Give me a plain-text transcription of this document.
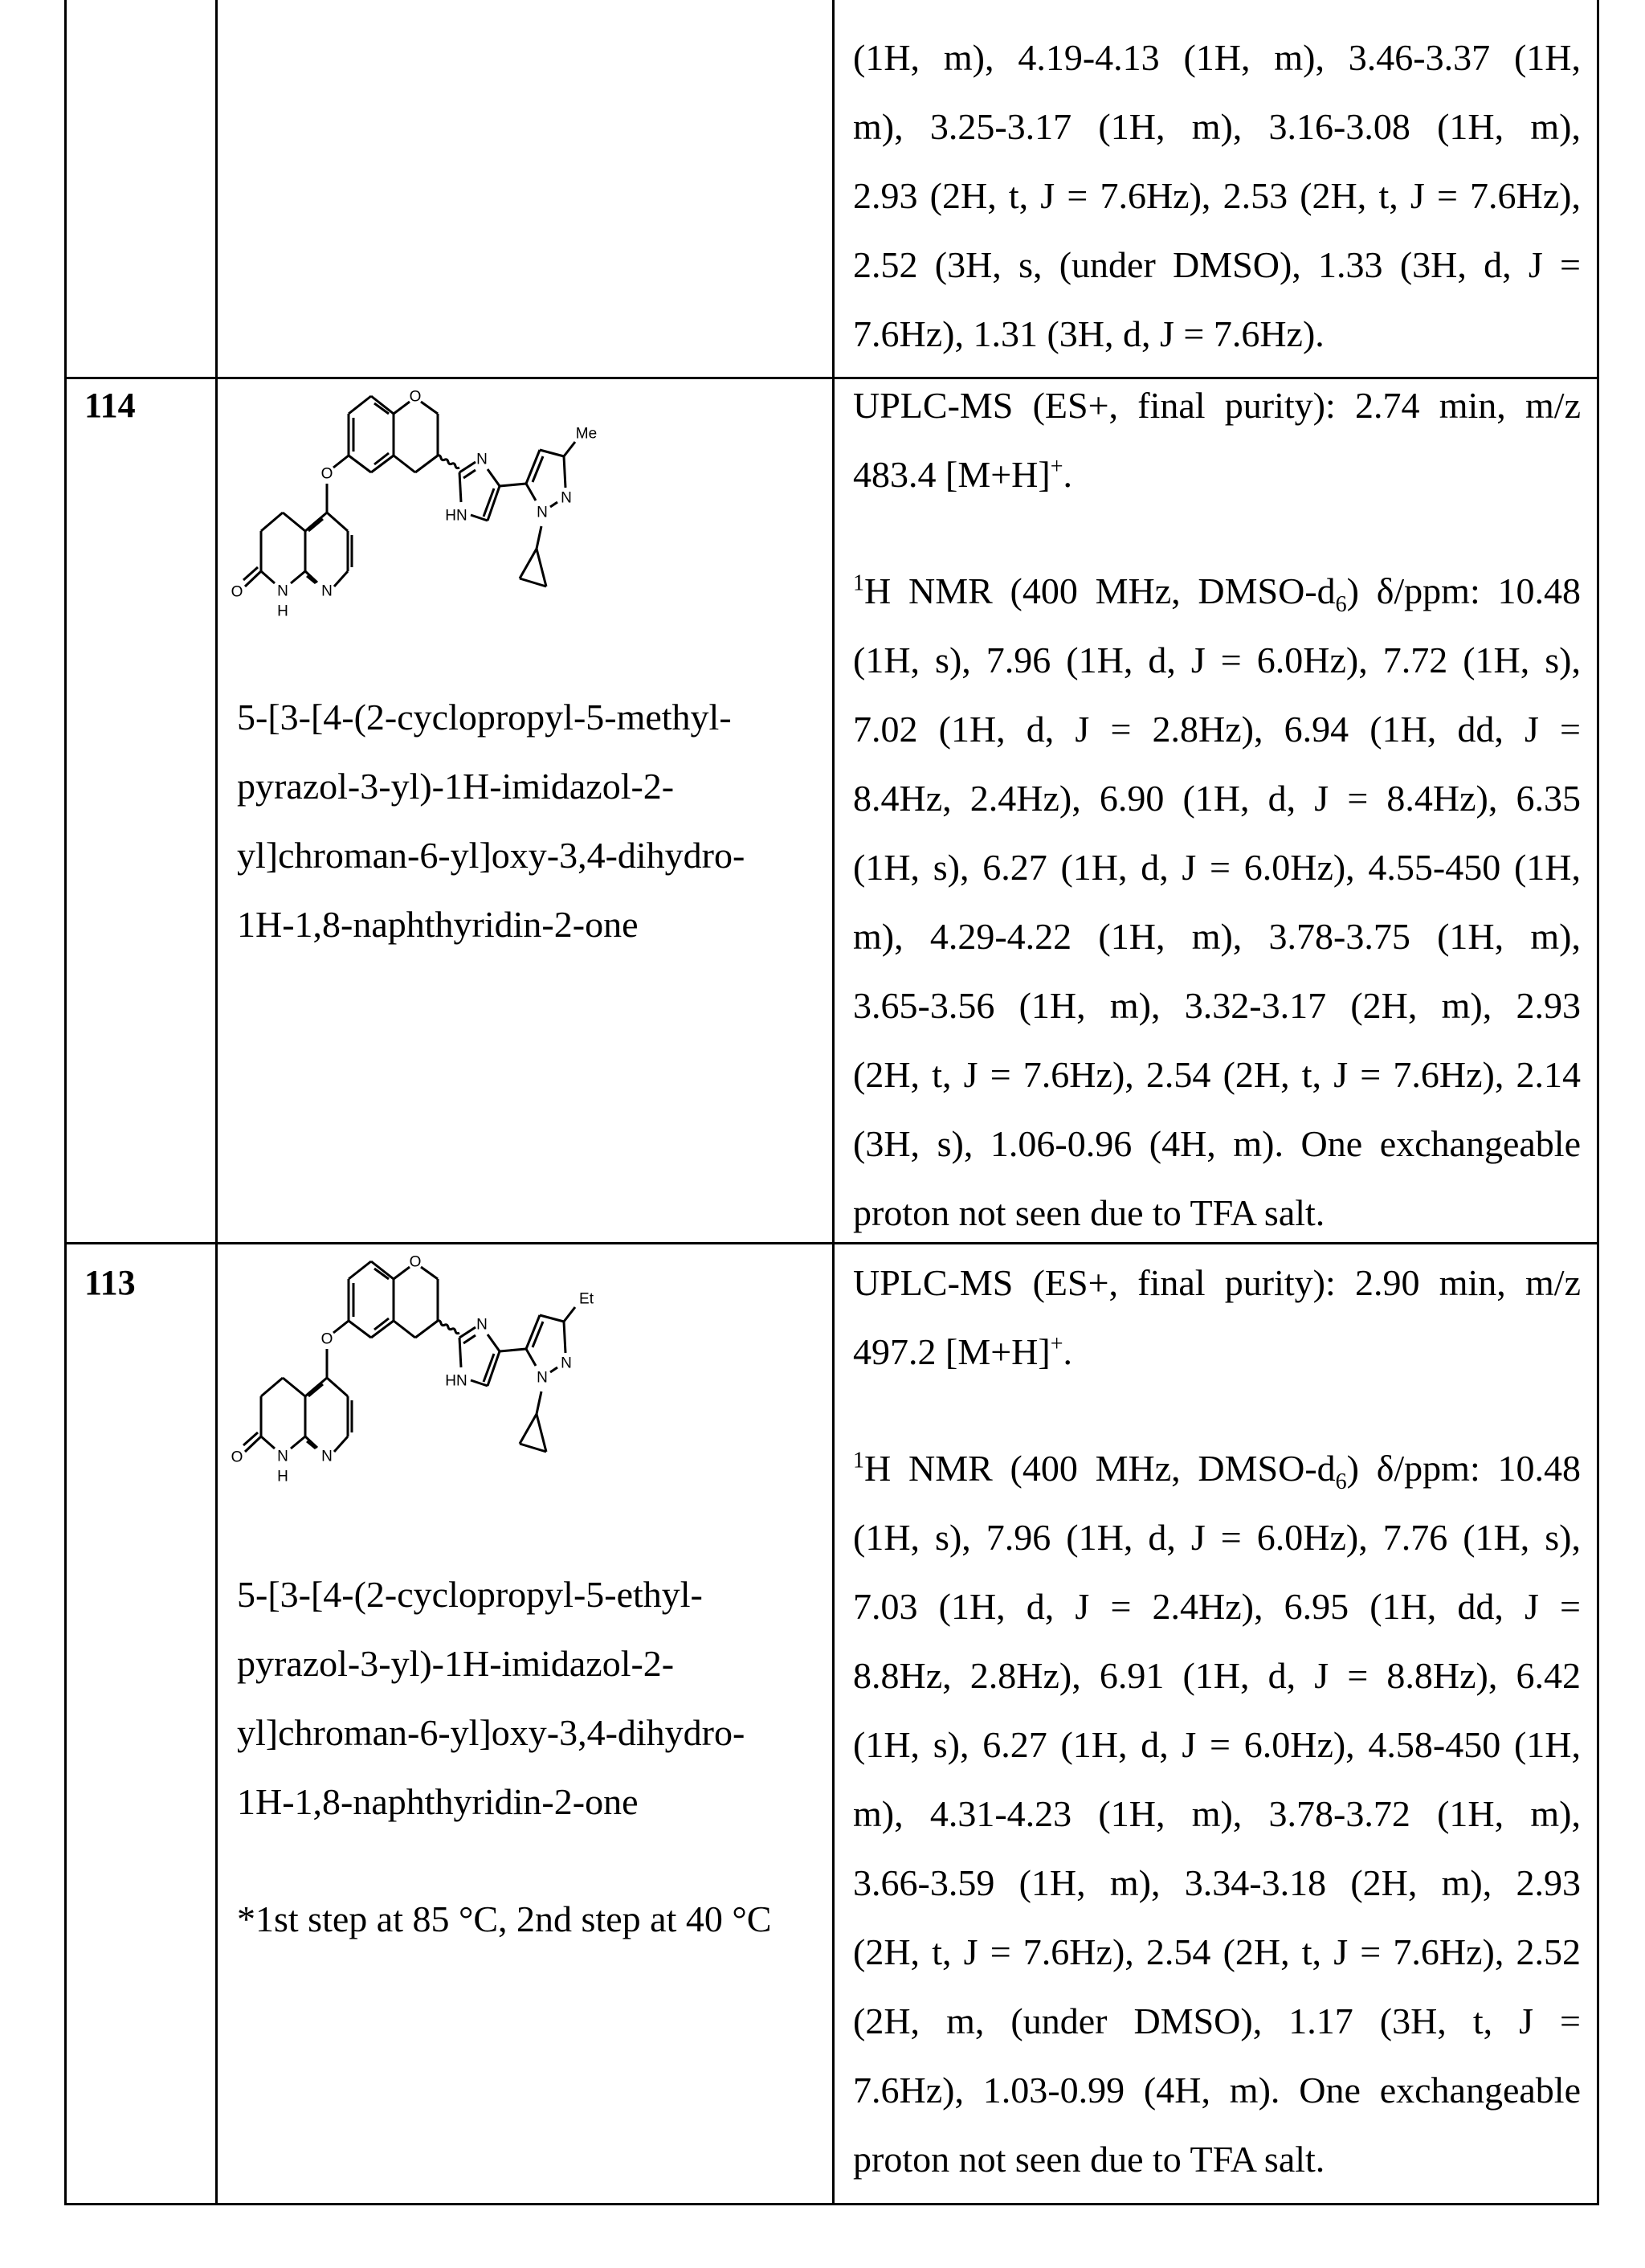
(1H, m), 4.19-4.13 (1H, m), 3.46-3.37 (1H,
m), 3.25-3.17 (1H, m), 3.16-3.08 (1H, m),
2.93 (2H, t, J = 7.6Hz), 2.53 (2H, t, J = 7.6Hz),
2.52 (3H, s, (under DMSO), 1.33 (3H, d, J =
7.6Hz), 1.31 (3H, d, J = 7.6Hz).
114	O
O
N
N
H
O
N
HN
N
N
Me
5-[3-[4-(2-cyclopropyl-5-methyl-
pyrazol-3-yl)-1H-imidazol-2-
yl]chroman-6-yl]oxy-3,4-dihydro-
1H-1,8-naphthyridin-2-one
UPLC-MS (ES+, final purity): 2.74 min, m/z
483.4 [M+H]+.
1H NMR (400 MHz, DMSO-d6) δ/ppm: 10.48
(1H, s), 7.96 (1H, d, J = 6.0Hz), 7.72 (1H, s),
7.02 (1H, d, J = 2.8Hz), 6.94 (1H, dd, J =
8.4Hz, 2.4Hz), 6.90 (1H, d, J = 8.4Hz), 6.35
(1H, s), 6.27 (1H, d, J = 6.0Hz), 4.55-450 (1H,
m), 4.29-4.22 (1H, m), 3.78-3.75 (1H, m),
3.65-3.56 (1H, m), 3.32-3.17 (2H, m), 2.93
(2H, t, J = 7.6Hz), 2.54 (2H, t, J = 7.6Hz), 2.14
(3H, s), 1.06-0.96 (4H, m). One exchangeable
proton not seen due to TFA salt.
113
O
O
N
N
H
O
N
HN
N
N
Et
5-[3-[4-(2-cyclopropyl-5-ethyl-
pyrazol-3-yl)-1H-imidazol-2-
yl]chroman-6-yl]oxy-3,4-dihydro-
1H-1,8-naphthyridin-2-one
*1st step at 85 °C, 2nd step at 40 °C
UPLC-MS (ES+, final purity): 2.90 min, m/z
497.2 [M+H]+.
1H NMR (400 MHz, DMSO-d6) δ/ppm: 10.48
(1H, s), 7.96 (1H, d, J = 6.0Hz), 7.76 (1H, s),
7.03 (1H, d, J = 2.4Hz), 6.95 (1H, dd, J =
8.8Hz, 2.8Hz), 6.91 (1H, d, J = 8.8Hz), 6.42
(1H, s), 6.27 (1H, d, J = 6.0Hz), 4.58-450 (1H,
m), 4.31-4.23 (1H, m), 3.78-3.72 (1H, m),
3.66-3.59 (1H, m), 3.34-3.18 (2H, m), 2.93
(2H, t, J = 7.6Hz), 2.54 (2H, t, J = 7.6Hz), 2.52
(2H, m, (under DMSO), 1.17 (3H, t, J =
7.6Hz), 1.03-0.99 (4H, m). One exchangeable
proton not seen due to TFA salt.
